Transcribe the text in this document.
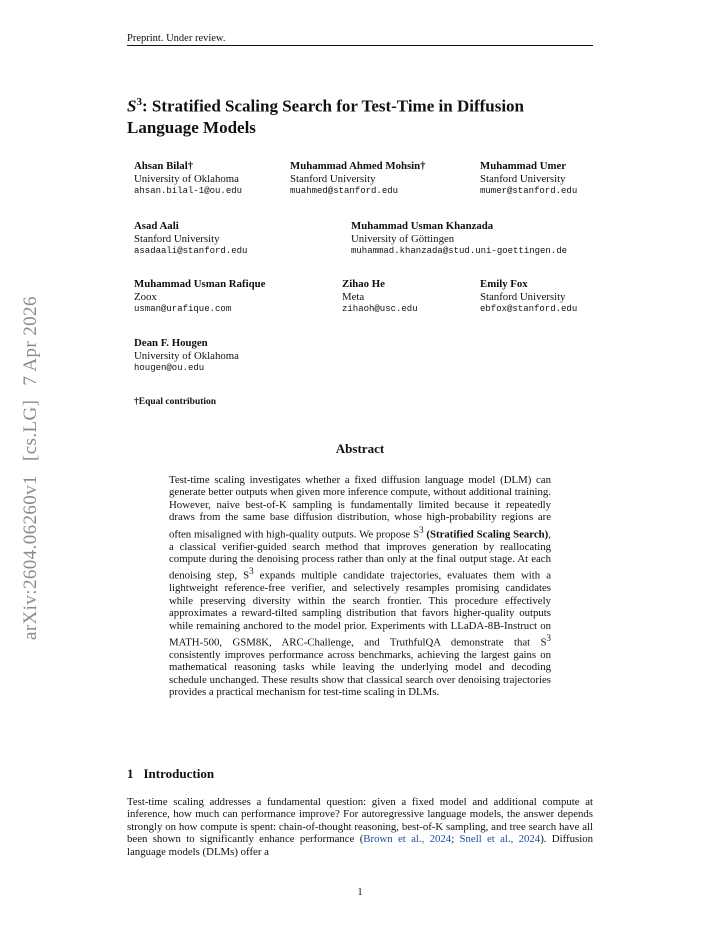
Preprint. Under review.
arXiv:2604.06260v1[cs.LG]7 Apr 2026
$S^3$: Stratified Scaling Search for Test-Time in Diffusion Language Models
Ahsan Bilal†
University of Oklahoma
ahsan.bilal-1@ou.edu
Muhammad Ahmed Mohsin†
Stanford University
muahmed@stanford.edu
Muhammad Umer
Stanford University
mumer@stanford.edu
Asad Aali
Stanford University
asadaali@stanford.edu
Muhammad Usman Khanzada
University of Göttingen
muhammad.khanzada@stud.uni-goettingen.de
Muhammad Usman Rafique
Zoox
usman@urafique.com
Zihao He
Meta
zihaoh@usc.edu
Emily Fox
Stanford University
ebfox@stanford.edu
Dean F. Hougen
University of Oklahoma
hougen@ou.edu
†Equal contribution
Abstract
Test-time scaling investigates whether a fixed diffusion language model (DLM) can generate better outputs when given more inference compute, without additional training. However, naive best-of-K sampling is fundamentally limited because it repeatedly draws from the same base diffusion distribution, whose high-probability regions are often misaligned with high-quality outputs. We propose $S^3$ (Stratified Scaling Search), a classical verifier-guided search method that improves generation by reallocating compute during the denoising process rather than only at the final output stage. At each denoising step, $S^3$ expands multiple candidate trajectories, evaluates them with a lightweight reference-free verifier, and selectively resamples promising candidates while preserving diversity within the search frontier. This procedure effectively approximates a reward-tilted sampling distribution that favors higher-quality outputs while remaining anchored to the model prior. Experiments with LLaDA-8B-Instruct on MATH-500, GSM8K, ARC-Challenge, and TruthfulQA demonstrate that $S^3$ consistently improves performance across benchmarks, achieving the largest gains on mathematical reasoning tasks while leaving the underlying model and decoding schedule unchanged. These results show that classical search over denoising trajectories provides a practical mechanism for test-time scaling in DLMs.
1 Introduction
Test-time scaling addresses a fundamental question: given a fixed model and additional compute at inference, how much can performance improve? For autoregressive language models, the answer depends strongly on how compute is spent: chain-of-thought reasoning, best-of-K sampling, and tree search have all been shown to significantly enhance performance (Brown et al., 2024; Snell et al., 2024). Diffusion language models (DLMs) offer a
1
